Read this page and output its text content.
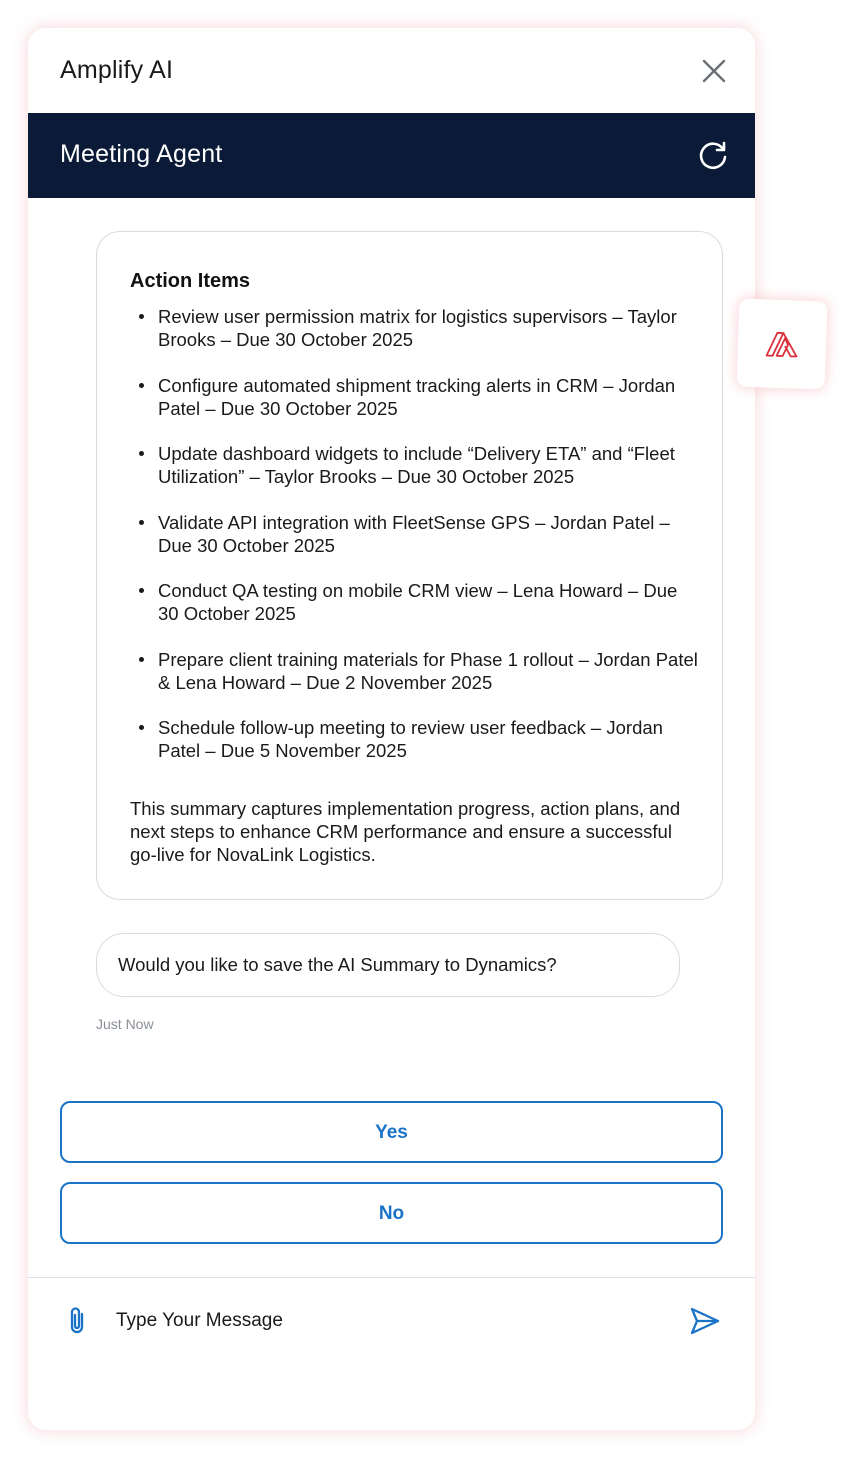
Amplify AI
Meeting Agent
Action Items
Review user permission matrix for logistics supervisors – Taylor Brooks – Due 30 October 2025
Configure automated shipment tracking alerts in CRM – Jordan Patel – Due 30 October 2025
Update dashboard widgets to include “Delivery ETA” and “Fleet Utilization” – Taylor Brooks – Due 30 October 2025
Validate API integration with FleetSense GPS – Jordan Patel – Due 30 October 2025
Conduct QA testing on mobile CRM view – Lena Howard – Due 30 October 2025
Prepare client training materials for Phase 1 rollout – Jordan Patel & Lena Howard – Due 2 November 2025
Schedule follow-up meeting to review user feedback – Jordan Patel – Due 5 November 2025
This summary captures implementation progress, action plans, and next steps to enhance CRM performance and ensure a successful go-live for NovaLink Logistics.
Would you like to save the AI Summary to Dynamics?
Just Now
Yes
No
Type Your Message
